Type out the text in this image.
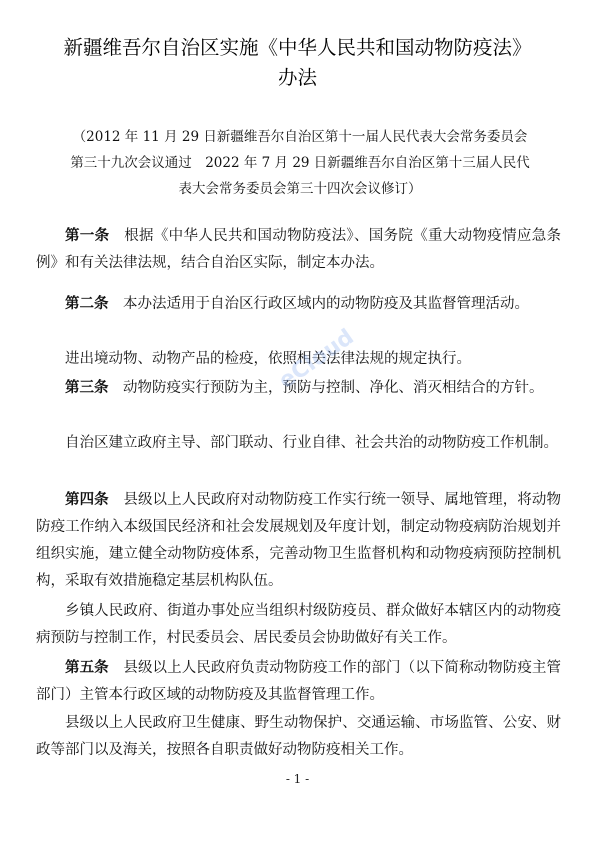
新疆维吾尔自治区实施《中华人民共和国动物防疫法》
办法
（2012 年 11 月 29 日新疆维吾尔自治区第十一届人民代表大会常务委员会
第三十九次会议通过　2022 年 7 月 29 日新疆维吾尔自治区第十三届人民代
表大会常务委员会第三十四次会议修订）

第一条　 根据《中华人民共和国动物防疫法》、国务院《重大动物疫情应急条例》和有关法律法规，结合自治区实际，制定本办法。

第二条　 本办法适用于自治区行政区域内的动物防疫及其监督管理活动。

进出境动物、动物产品的检疫，依照相关法律法规的规定执行。

第三条　 动物防疫实行预防为主，预防与控制、净化、消灭相结合的方针。

自治区建立政府主导、部门联动、行业自律、社会共治的动物防疫工作机制。

第四条　 县级以上人民政府对动物防疫工作实行统一领导、属地管理，将动物防疫工作纳入本级国民经济和社会发展规划及年度计划，制定动物疫病防治规划并组织实施，建立健全动物防疫体系，完善动物卫生监督机构和动物疫病预防控制机构，采取有效措施稳定基层机构队伍。

乡镇人民政府、街道办事处应当组织村级防疫员、群众做好本辖区内的动物疫病预防与控制工作，村民委员会、居民委员会协助做好有关工作。

第五条　 县级以上人民政府负责动物防疫工作的部门（以下简称动物防疫主管部门）主管本行政区域的动物防疫及其监督管理工作。

县级以上人民政府卫生健康、野生动物保护、交通运输、市场监管、公安、财政等部门以及海关，按照各自职责做好动物防疫相关工作。

eCloud
- 1 -
